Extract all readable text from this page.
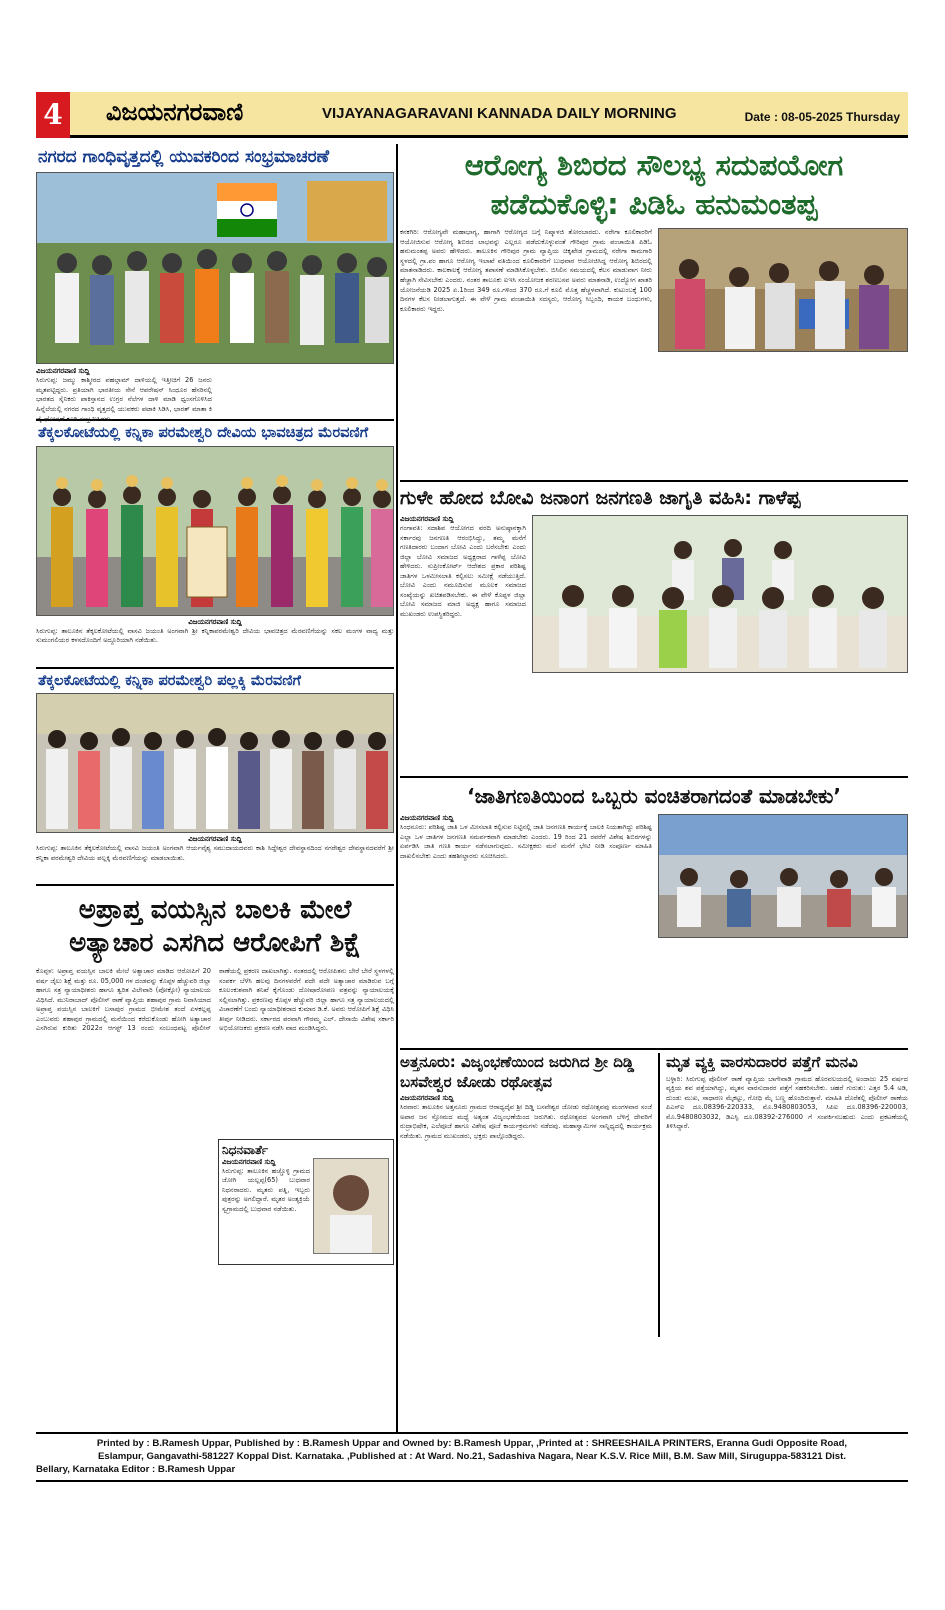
4	ವಿಜಯನಗರವಾಣಿ	VIJAYANAGARAVANI KANNADA DAILY MORNING	Date : 08-05-2025 Thursday
ನಗರದ ಗಾಂಧಿವೃತ್ತದಲ್ಲಿ ಯುವಕರಿಂದ ಸಂಭ್ರಮಾಚರಣೆ
ವಿಜಯನಗರವಾಣಿ ಸುದ್ದಿ
ಸಿರುಗುಪ್ಪ: ಜಮ್ಮು ಕಾಶ್ಮೀರದ ಪಹಲ್ಗಾಮ್ ದಾಳಿಯಲ್ಲಿ ಇತ್ತೀಚಿಗೆ 26 ಜನರು ಮೃತಪಟ್ಟಿದ್ದರು. ಪ್ರತಿಯಾಗಿ ಭಾರತೀಯ ಸೇನೆ ಆಪರೇಷನ್ ಸಿಂಧೂರ ಹೆಸರಿನಲ್ಲಿ ಭಾರತದ ಸೈನಿಕರು ಪಾಕಿಸ್ತಾನದ ಉಗ್ರರ ನೆಲೆಗಳ ದಾಳಿ ಮಾಡಿ ಧ್ವಂಸಗೊಳಿಸಿದ ಹಿನ್ನೆಲೆಯಲ್ಲಿ ನಗರದ ಗಾಂಧಿ ವೃತ್ತದಲ್ಲಿ ಯುವಕರು ಪಟಾಕಿ ಸಿಡಿಸಿ, ಭಾರತ್ ಮಾತಾ ಕಿ ಜೈ ಘೋಷಣೆ ಕೂಗಿ ಸಂಭ್ರಮಿಸಿದರು.
ತೆಕ್ಕಲಕೋಟೆಯಲ್ಲಿ ಕನ್ನಿಕಾ ಪರಮೇಶ್ವರಿ ದೇವಿಯ ಭಾವಚಿತ್ರದ ಮೆರವಣಿಗೆ
ವಿಜಯನಗರವಾಣಿ ಸುದ್ದಿ
ಸಿರುಗುಪ್ಪ: ತಾಲೂಕಿನ ತೆಕ್ಕಲಕೋಟೆಯಲ್ಲಿ ವಾಸವಿ ಜಯಂತಿ ಅಂಗವಾಗಿ ಶ್ರೀ ಕನ್ನಿಕಾಪರಮೇಶ್ವರಿ ದೇವಿಯ ಭಾವಚಿತ್ರದ ಮೆರವಣಿಗೆಯನ್ನು ಸಕಲ ಮಂಗಳ ವಾದ್ಯ ಮತ್ತು ಸುಮಂಗಲಿಯರ ಕಳಸದೊಂದಿಗೆ ಅದ್ದೂರಿಯಾಗಿ ನಡೆಯಿತು.
ತೆಕ್ಕಲಕೋಟೆಯಲ್ಲಿ ಕನ್ನಿಕಾ ಪರಮೇಶ್ವರಿ ಪಲ್ಲಕ್ಕಿ ಮೆರವಣಿಗೆ
ವಿಜಯನಗರವಾಣಿ ಸುದ್ದಿ
ಸಿರುಗುಪ್ಪ: ತಾಲೂಕಿನ ತೆಕ್ಕಲಕೋಟೆಯಲ್ಲಿ ವಾಸವಿ ಜಯಂತಿ ಅಂಗವಾಗಿ ಆರ್ಯವೈಶ್ಯ ಸಮುದಾಯದವರು ಕಾಶಿ ಸಿದ್ದೇಶ್ವರ ದೇವಸ್ಥಾನದಿಂದ ನಗರೇಶ್ವರ ದೇವಸ್ಥಾನದವರೆಗೆ ಶ್ರೀ ಕನ್ನಿಕಾ ಪರಮೇಶ್ವರಿ ದೇವಿಯ ಪಲ್ಲಕ್ಕಿ ಮೆರವಣಿಗೆಯನ್ನು ಮಾಡಲಾಯಿತು.
ಅಪ್ರಾಪ್ತ ವಯಸ್ಸಿನ ಬಾಲಕಿ ಮೇಲೆ ಅತ್ಯಾಚಾರ ಎಸಗಿದ ಆರೋಪಿಗೆ ಶಿಕ್ಷೆ
ಕೊಪ್ಪಳ: ಅಪ್ರಾಪ್ತ ವಯಸ್ಸಿನ ಬಾಲಕಿ ಮೇಲೆ ಅತ್ಯಾಚಾರ ಮಾಡಿದ ಆರೋಪಿಗೆ 20 ವರ್ಷ ಜೈಲು ಶಿಕ್ಷೆ ಮತ್ತು ರೂ. 05,000 ಗಳ ದಂಡವನ್ನು ಕೊಪ್ಪಳ ಹೆಚ್ಚುವರಿ ಜಿಲ್ಲಾ ಹಾಗೂ ಸತ್ರ ನ್ಯಾಯಾಧೀಶರು ಹಾಗೂ ತ್ವರಿತ ವಿಲೇವಾರಿ (ಪೋಕ್ಸೋ) ನ್ಯಾಯಾಲಯ ವಿಧಿಸಿದೆ. ಮುನಿರಾಬಾದ್ ಪೊಲೀಸ್ ಠಾಣೆ ವ್ಯಾಪ್ತಿಯ ಶಹಾಪುರ ಗ್ರಾಮ ನಿವಾಸಿಯಾದ ಅಪ್ರಾಪ್ತ ವಯಸ್ಸಿನ ಬಾಲಕಿಗೆ ಬಸಾಪುರ ಗ್ರಾಮದ ಭೀಮೇಶ ತಂದೆ ಏಳಕಲ್ಲಪ್ಪ ಎಂಬುವರು ಶಹಾಪುರ ಗ್ರಾಮದಲ್ಲಿ ಮನೆಯಿಂದ ಕರೆದುಕೊಂಡು ಹೋಗಿ ಅತ್ಯಾಚಾರ ಎಸಗಿರುವ ಕುರಿತು 2022ರ ಆಗಸ್ಟ್ 13 ರಂದು ಸಂಬಂಧಪಟ್ಟ ಪೊಲೀಸ್ ಠಾಣೆಯಲ್ಲಿ ಪ್ರಕರಣ ದಾಖಲಾಗಿತ್ತು. ನಂತರದಲ್ಲಿ ಆರೋಪಿತನು ಬೇರೆ ಬೇರೆ ಸ್ಥಳಗಳಲ್ಲಿ ಸಂಪರ್ಕ ಬೆಳೆಸಿ ಹಲವು ದಿನಗಳವರೆಗೆ ಪದೇ ಪದೇ ಅತ್ಯಾಚಾರ ಮಾಡಿರುವ ಬಗ್ಗೆ ಕೂಲಂಕುಶವಾಗಿ ತನಿಖೆ ಕೈಗೊಂಡು ದೋಷಾರೋಪಣ ಪತ್ರವನ್ನು ನ್ಯಾಯಾಲಯಕ್ಕೆ ಸಲ್ಲಿಸಲಾಗಿತ್ತು. ಪ್ರಕರಣವು ಕೊಪ್ಪಳ ಹೆಚ್ಚುವರಿ ಜಿಲ್ಲಾ ಹಾಗೂ ಸತ್ರ ನ್ಯಾಯಾಲಯದಲ್ಲಿ ವಿಚಾರಣೆಗೆ ಬಂದು ನ್ಯಾಯಾಧೀಶರಾದ ಕುಮಾರ ಡಿ.ಕೆ. ಅವರು ಆರೋಪಿಗೆ ಶಿಕ್ಷೆ ವಿಧಿಸಿ ತೀರ್ಪು ನೀಡಿದರು. ಸರ್ಕಾರದ ಪರವಾಗಿ ಗೌರಮ್ಮ ಎಲ್. ದೇಸಾಯಿ ವಿಶೇಷ ಸರ್ಕಾರಿ ಅಭಿಯೋಜಕರು ಪ್ರಕರಣ ನಡೆಸಿ ವಾದ ಮಂಡಿಸಿದ್ದರು.
ನಿಧನವಾರ್ತೆ
ವಿಜಯನಗರವಾಣಿ ಸುದ್ದಿ
ಸಿರುಗುಪ್ಪ: ತಾಲೂಕಿನ ಹಚ್ಚೊಳ್ಳಿ ಗ್ರಾಮದ ಜೋಗಿ ಯಲ್ಲಪ್ಪ(65) ಬುಧವಾರ ನಿಧನರಾದರು. ಮೃತರು ಪತ್ನಿ, ಇಬ್ಬರು ಪುತ್ರರನ್ನು ಅಗಲಿದ್ದಾರೆ. ಮೃತರ ಅಂತ್ಯಕ್ರಿಯೆ ಸ್ವಗ್ರಾಮದಲ್ಲಿ ಬುಧವಾರ ನಡೆಯಿತು.
ಆರೋಗ್ಯ ಶಿಬಿರದ ಸೌಲಭ್ಯ ಸದುಪಯೋಗ ಪಡೆದುಕೊಳ್ಳಿ: ಪಿಡಿಓ ಹನುಮಂತಪ್ಪ
ಕನಕಗಿರಿ: ಆರೋಗ್ಯವೇ ಮಹಾಭಾಗ್ಯ, ಹಾಗಾಗಿ ಆರೋಗ್ಯದ ಬಗ್ಗೆ ನಿಷ್ಕಾಳಜಿ ತೋರಬಾರದು. ನರೇಗಾ ಕೂಲಿಕಾರರಿಗೆ ಆಯೋಜಿಸುವ ಆರೋಗ್ಯ ಶಿಬಿರದ ಲಾಭವನ್ನು ಎಲ್ಲರೂ ಪಡೆದುಕೊಳ್ಳುವಂತೆ ಗೌರಿಪುರ ಗ್ರಾಮ ಪಂಚಾಯಿತಿ ಪಿಡಿಓ ಹನುಮಂತಪ್ಪ ಅವರು ಹೇಳಿದರು. ತಾಲೂಕಿನ ಗೌರಿಪುರ ಗ್ರಾಮ ವ್ಯಾಪ್ತಿಯ ಚಿಕ್ಕಖೇಡ ಗ್ರಾಮದಲ್ಲಿ ನರೇಗಾ ಕಾಮಗಾರಿ ಸ್ಥಳದಲ್ಲಿ ಗ್ರಾ.ಪಂ ಹಾಗೂ ಆರೋಗ್ಯ ಇಲಾಖೆ ವತಿಯಿಂದ ಕೂಲಿಕಾರರಿಗೆ ಬುಧವಾರ ಆಯೋಜಿಸಿದ್ದ ಆರೋಗ್ಯ ಶಿಬಿರದಲ್ಲಿ ಮಾತನಾಡಿದರು. ಕಾಲಕಾಲಕ್ಕೆ ಆರೋಗ್ಯ ತಪಾಸಣೆ ಮಾಡಿಸಿಕೊಳ್ಳಬೇಕು. ಬಿಸಿಲಿನ ಸಮಯದಲ್ಲಿ ಕೆಲಸ ಮಾಡುವಾಗ ನೀರು ಹೆಚ್ಚಾಗಿ ಸೇವಿಸಬೇಕು ಎಂದರು. ನಂತರ ತಾಲೂಕು ಐಇಸಿ ಸಂಯೋಜಕ ಶರಣಬಸವ ಅವರು ಮಾತನಾಡಿ, ಉದ್ಯೋಗ ಖಾತರಿ ಯೋಜನೆಯಡಿ 2025 ಏ.1ರಿಂದ 349 ರೂ.ಗಳಿಂದ 370 ರೂ.ಗೆ ಕೂಲಿ ಮೊತ್ತ ಹೆಚ್ಚಳವಾಗಿದೆ. ಕುಟುಂಬಕ್ಕೆ 100 ದಿನಗಳ ಕೆಲಸ ನೀಡಲಾಗುತ್ತದೆ. ಈ ವೇಳೆ ಗ್ರಾಮ ಪಂಚಾಯಿತಿ ಸದಸ್ಯರು, ಆರೋಗ್ಯ ಸಿಬ್ಬಂದಿ, ಕಾಯಕ ಬಂಧುಗಳು, ಕೂಲಿಕಾರರು ಇದ್ದರು.
ಗುಳೇ ಹೋದ ಬೋವಿ ಜನಾಂಗ ಜನಗಣತಿ ಜಾಗೃತಿ ವಹಿಸಿ: ಗಾಳೆಪ್ಪ
ವಿಜಯನಗರವಾಣಿ ಸುದ್ದಿ
ಗಂಗಾವತಿ: ಸದಾಶಿವ ಆಯೋಗದ ವರದಿ ಅನುಷ್ಠಾನಕ್ಕಾಗಿ ಸರ್ಕಾರವು ಜನಗಣತಿ ಆರಂಭಿಸಿದ್ದು, ತಮ್ಮ ಮನೆಗೆ ಗಣತಿದಾರರು ಬಂದಾಗ ಬೋವಿ ಎಂದು ಬರೆಸಬೇಕು ಎಂದು ಜಿಲ್ಲಾ ಬೋವಿ ಸಮಾಜದ ಅಧ್ಯಕ್ಷರಾದ ಗಾಳೆಪ್ಪ ಬೋವಿ ಹೇಳಿದರು. ಸುಪ್ರೀಂಕೋರ್ಟ್ ಆದೇಶದ ಪ್ರಕಾರ ಪರಿಶಿಷ್ಟ ಜಾತಿಗಳ ಒಳಮೀಸಲಾತಿ ಕಲ್ಪಿಸಲು ಸಮೀಕ್ಷೆ ನಡೆಯುತ್ತಿದೆ. ಬೋವಿ ಎಂದು ನಮೂದಿಸುವ ಮೂಲಕ ಸಮಾಜದ ಸಂಖ್ಯೆಯನ್ನು ಖಚಿತಪಡಿಸಬೇಕು. ಈ ವೇಳೆ ಕೊಪ್ಪಳ ಜಿಲ್ಲಾ ಬೋವಿ ಸಮಾಜದ ಮಾಜಿ ಅಧ್ಯಕ್ಷ ಹಾಗೂ ಸಮಾಜದ ಮುಖಂಡರು ಉಪಸ್ಥಿತರಿದ್ದರು.
‘ಜಾತಿಗಣತಿಯಿಂದ ಒಬ್ಬರು ವಂಚಿತರಾಗದಂತೆ ಮಾಡಬೇಕು’
ವಿಜಯನಗರವಾಣಿ ಸುದ್ದಿ
ಸಿಂಧನೂರು: ಪರಿಶಿಷ್ಟ ಜಾತಿ ಒಳ ಮೀಸಲಾತಿ ಕಲ್ಪಿಸುವ ನಿಟ್ಟಿನಲ್ಲಿ ಜಾತಿ ಜನಗಣತಿ ಕಾರ್ಯಕ್ಕೆ ಬಾಲಕಿ ನಿಯತಾಗಿದ್ದು ಪರಿಶಿಷ್ಟ ಎಲ್ಲಾ ಒಳ ಜಾತಿಗಳ ಜನಗಣತಿ ಸಮರ್ಪಕವಾಗಿ ಮಾಡಬೇಕು ಎಂದರು. 19 ರಿಂದ 21 ರವರೆಗೆ ವಿಶೇಷ ಶಿಬಿರಗಳನ್ನು ಏರ್ಪಡಿಸಿ ಜಾತಿ ಗಣತಿ ಕಾರ್ಯ ನಡೆಸಲಾಗುವುದು. ಸಮೀಕ್ಷಕರು ಮನೆ ಮನೆಗೆ ಭೇಟಿ ನೀಡಿ ಸಂಪೂರ್ಣ ಮಾಹಿತಿ ದಾಖಲಿಸಬೇಕು ಎಂದು ತಹಶೀಲ್ದಾರರು ಸೂಚಿಸಿದರು.
ಅತ್ತನೂರು: ವಿಜೃಂಭಣೆಯಿಂದ ಜರುಗಿದ ಶ್ರೀ ದಿಡ್ಡಿ ಬಸವೇಶ್ವರ ಜೋಡು ರಥೋತ್ಸವ
ವಿಜಯನಗರವಾಣಿ ಸುದ್ದಿ
ಸಿರವಾರ: ತಾಲೂಕಿನ ಅತ್ತನೂರು ಗ್ರಾಮದ ಆರಾಧ್ಯದೈವ ಶ್ರೀ ದಿಡ್ಡಿ ಬಸವೇಶ್ವರ ಜೋಡು ರಥೋತ್ಸವವು ಮಂಗಳವಾರ ಸಂಜೆ ಅಪಾರ ಜನ ಸ್ತೋಮದ ಮಧ್ಯೆ ಅತ್ಯಂತ ವಿಜೃಂಭಣೆಯಿಂದ ಜರುಗಿತು. ರಥೋತ್ಸವದ ಅಂಗವಾಗಿ ಬೆಳಿಗ್ಗೆ ದೇವರಿಗೆ ರುದ್ರಾಭಿಷೇಕ, ಎಲೆಪೂಜೆ ಹಾಗೂ ವಿಶೇಷ ಪೂಜೆ ಕಾರ್ಯಕ್ರಮಗಳು ನಡೆದವು. ಮಹಾಸ್ವಾಮಿಗಳ ಸಾನ್ನಿಧ್ಯದಲ್ಲಿ ಕಾರ್ಯಕ್ರಮ ನಡೆಯಿತು. ಗ್ರಾಮದ ಮುಖಂಡರು, ಭಕ್ತರು ಪಾಲ್ಗೊಂಡಿದ್ದರು.
ಮೃತ ವ್ಯಕ್ತಿ ವಾರಸುದಾರರ ಪತ್ತೆಗೆ ಮನವಿ
ಬಳ್ಳಾರಿ: ಸಿರುಗುಪ್ಪ ಪೊಲೀಸ್ ಠಾಣೆ ವ್ಯಾಪ್ತಿಯ ಬಾಗೇವಾಡಿ ಗ್ರಾಮದ ಹೊರವಲಯದಲ್ಲಿ ಅಂದಾಜು 25 ವರ್ಷದ ವ್ಯಕ್ತಿಯ ಶವ ಪತ್ತೆಯಾಗಿದ್ದು, ಮೃತನ ವಾರಸುದಾರರ ಪತ್ತೆಗೆ ಸಹಕರಿಸಬೇಕು. ಚಹರೆ ಗುರುತು: ಎತ್ತರ 5.4 ಅಡಿ, ದುಂಡು ಮುಖ, ಸಾಧಾರಣ ಮೈಕಟ್ಟು, ಗೋಧಿ ಮೈ ಬಣ್ಣ ಹೊಂದಿರುತ್ತಾನೆ. ಮಾಹಿತಿ ದೊರೆತಲ್ಲಿ ಪೊಲೀಸ್ ಠಾಣೆಯ ಪಿಎಸ್ಐ ದೂ.08396-220333, ಮೊ.9480803053, ಸಿಪಿಐ ದೂ.08396-220003, ಮೊ.9480803032, ಡಿಎಸ್ಪಿ ದೂ.08392-276000 ಗೆ ಸಂಪರ್ಕಿಸಬಹುದು ಎಂದು ಪ್ರಕಟಣೆಯಲ್ಲಿ ತಿಳಿಸಿದ್ದಾರೆ.

Printed by : B.Ramesh Uppar, Published by : B.Ramesh Uppar and Owned by: B.Ramesh Uppar, ,Printed at : SHREESHAILA PRINTERS, Eranna Gudi Opposite Road,

Eslampur, Gangavathi-581227 Koppal Dist. Karnataka. ,Published at : At Ward. No.21, Sadashiva Nagara, Near K.S.V. Rice Mill, B.M. Saw Mill, Siruguppa-583121 Dist.

Bellary, Karnataka Editor : B.Ramesh Uppar
